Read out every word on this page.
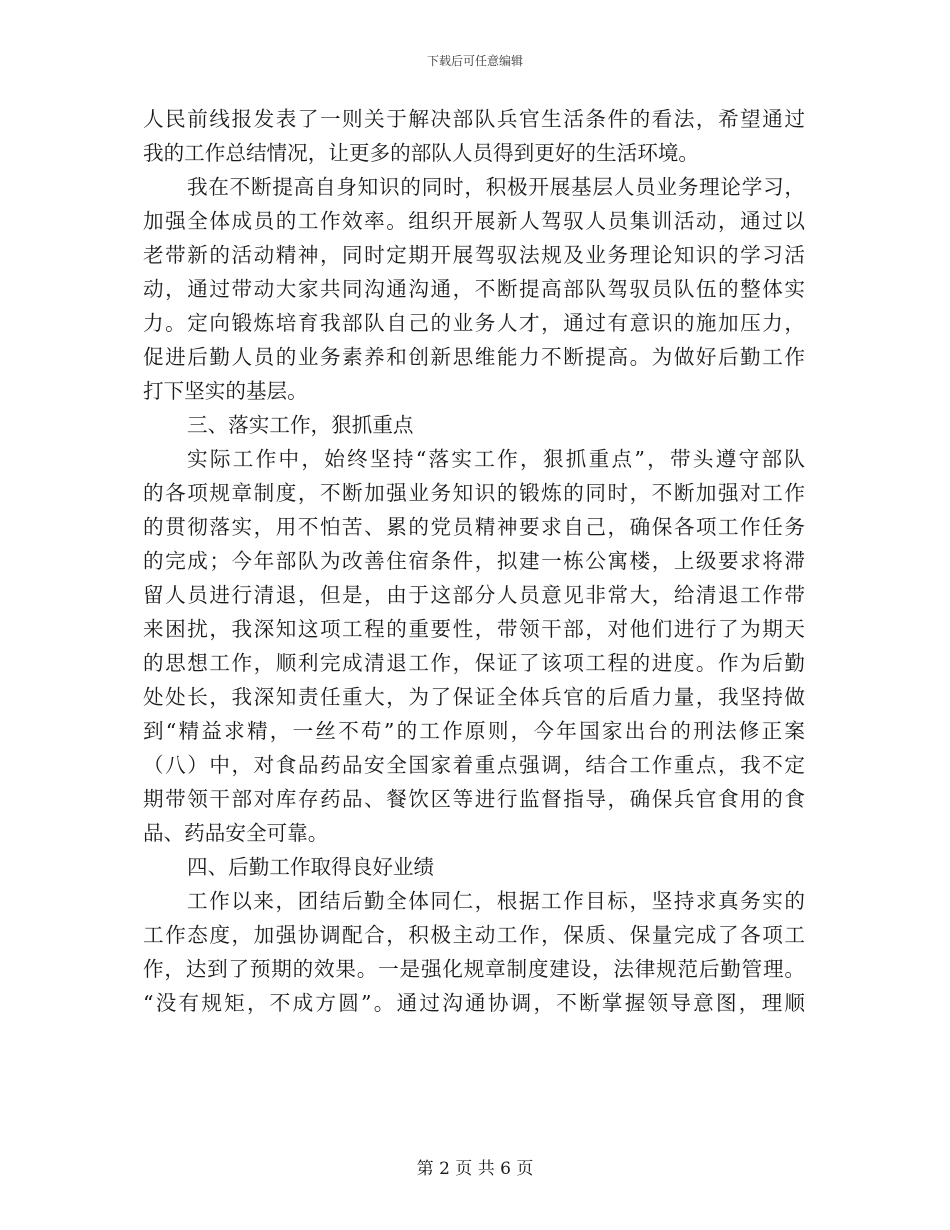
下载后可任意编辑
人民前线报发表了一则关于解决部队兵官生活条件的看法，希望通过
我的工作总结情况，让更多的部队人员得到更好的生活环境。
我在不断提高自身知识的同时，积极开展基层人员业务理论学习，
加强全体成员的工作效率。组织开展新人驾驭人员集训活动，通过以
老带新的活动精神，同时定期开展驾驭法规及业务理论知识的学习活
动，通过带动大家共同沟通沟通，不断提高部队驾驭员队伍的整体实
力。定向锻炼培育我部队自己的业务人才，通过有意识的施加压力，
促进后勤人员的业务素养和创新思维能力不断提高。为做好后勤工作
打下坚实的基层。
三、落实工作，狠抓重点
实际工作中，始终坚持“落实工作，狠抓重点”，带头遵守部队
的各项规章制度，不断加强业务知识的锻炼的同时，不断加强对工作
的贯彻落实，用不怕苦、累的党员精神要求自己，确保各项工作任务
的完成；今年部队为改善住宿条件，拟建一栋公寓楼，上级要求将滞
留人员进行清退，但是，由于这部分人员意见非常大，给清退工作带
来困扰，我深知这项工程的重要性，带领干部，对他们进行了为期天
的思想工作，顺利完成清退工作，保证了该项工程的进度。作为后勤
处处长，我深知责任重大，为了保证全体兵官的后盾力量，我坚持做
到“精益求精，一丝不苟”的工作原则，今年国家出台的刑法修正案
（八）中，对食品药品安全国家着重点强调，结合工作重点，我不定
期带领干部对库存药品、餐饮区等进行监督指导，确保兵官食用的食
品、药品安全可靠。
四、后勤工作取得良好业绩
工作以来，团结后勤全体同仁，根据工作目标，坚持求真务实的
工作态度，加强协调配合，积极主动工作，保质、保量完成了各项工
作，达到了预期的效果。一是强化规章制度建设，法律规范后勤管理。
“没有规矩，不成方圆”。通过沟通协调，不断掌握领导意图，理顺
第 2 页 共 6 页
